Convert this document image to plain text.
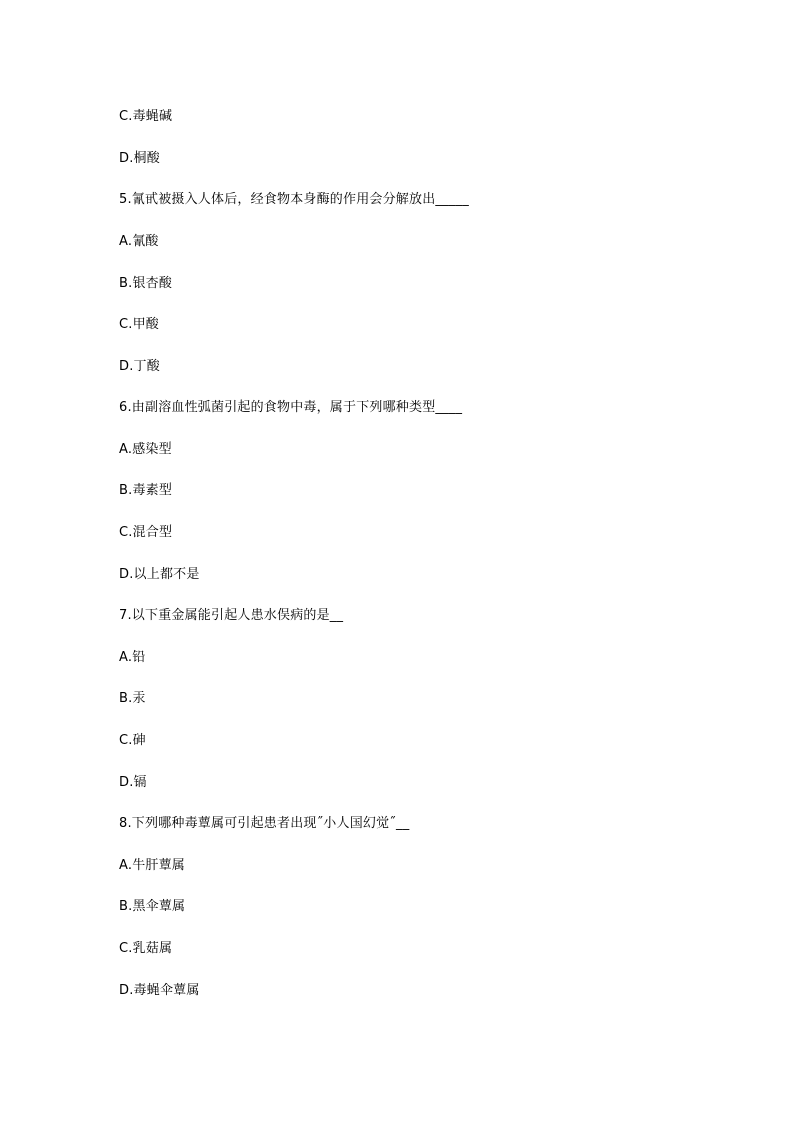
C.毒蝇碱
D.桐酸
5.氰甙被摄入人体后，经食物本身酶的作用会分解放出_____
A.氰酸
B.银杏酸
C.甲酸
D.丁酸
6.由副溶血性弧菌引起的食物中毒，属于下列哪种类型____
A.感染型
B.毒素型
C.混合型
D.以上都不是
7.以下重金属能引起人患水俣病的是__
A.铅
B.汞
C.砷
D.镉
8.下列哪种毒蕈属可引起患者出现˝小人国幻觉˝__
A.牛肝蕈属
B.黑伞蕈属
C.乳菇属
D.毒蝇伞蕈属
